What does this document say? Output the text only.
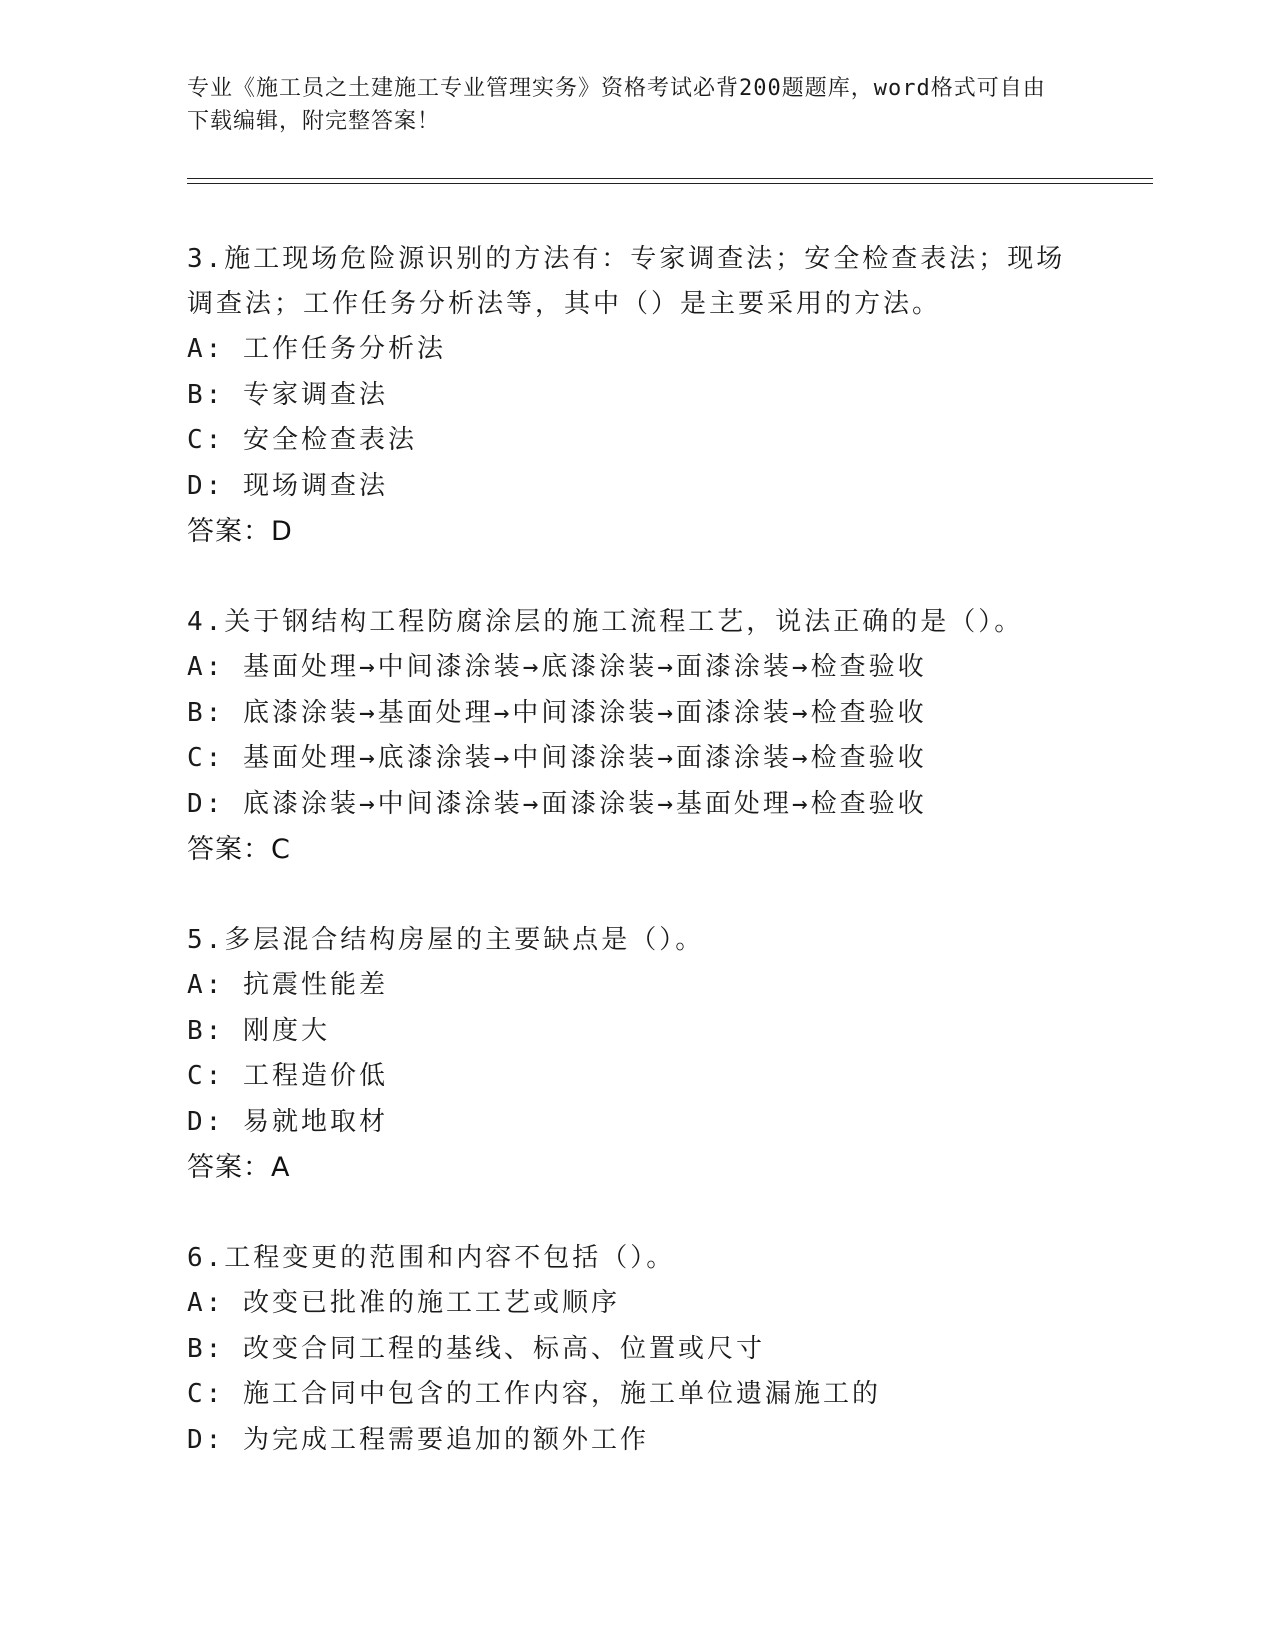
专业《施工员之土建施工专业管理实务》资格考试必背200题题库，word格式可自由下载编辑，附完整答案！
3.施工现场危险源识别的方法有：专家调查法；安全检查表法；现场调查法；工作任务分析法等，其中（）是主要采用的方法。
A: 工作任务分析法
B: 专家调查法
C: 安全检查表法
D: 现场调查法
答案：D
4.关于钢结构工程防腐涂层的施工流程工艺，说法正确的是（）。
A: 基面处理→中间漆涂装→底漆涂装→面漆涂装→检查验收
B: 底漆涂装→基面处理→中间漆涂装→面漆涂装→检查验收
C: 基面处理→底漆涂装→中间漆涂装→面漆涂装→检查验收
D: 底漆涂装→中间漆涂装→面漆涂装→基面处理→检查验收
答案：C
5.多层混合结构房屋的主要缺点是（）。
A: 抗震性能差
B: 刚度大
C: 工程造价低
D: 易就地取材
答案：A
6.工程变更的范围和内容不包括（）。
A: 改变已批准的施工工艺或顺序
B: 改变合同工程的基线、标高、位置或尺寸
C: 施工合同中包含的工作内容，施工单位遗漏施工的
D: 为完成工程需要追加的额外工作
